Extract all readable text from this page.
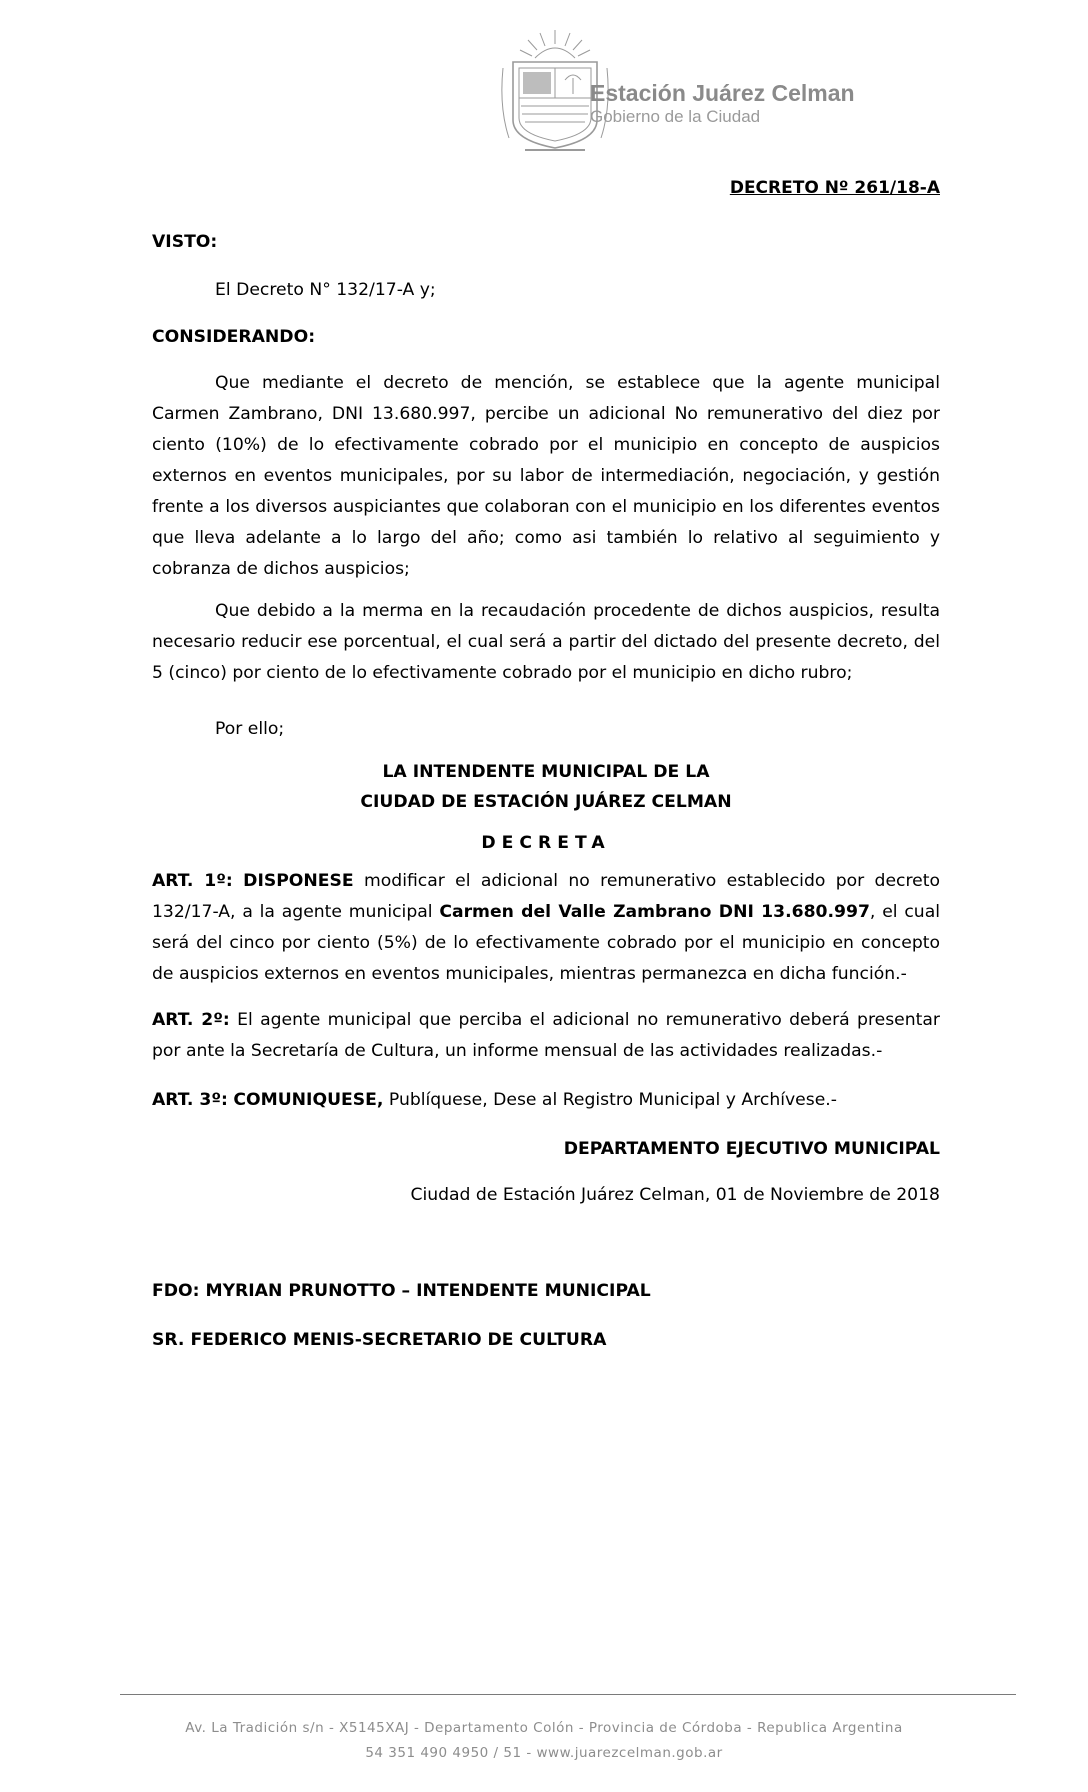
Estación Juárez Celman
Gobierno de la Ciudad
DECRETO Nº 261/18-A
VISTO:
El Decreto N° 132/17-A y;
CONSIDERANDO:
Que mediante el decreto de mención, se establece que la agente municipal Carmen Zambrano, DNI 13.680.997, percibe un adicional No remunerativo del diez por ciento (10%) de lo efectivamente cobrado por el municipio en concepto de auspicios externos en eventos municipales, por su labor de intermediación, negociación, y gestión frente a los diversos auspiciantes que colaboran con el municipio en los diferentes eventos que lleva adelante a lo largo del año; como asi también lo relativo al seguimiento y cobranza de dichos auspicios;
Que debido a la merma en la recaudación procedente de dichos auspicios, resulta necesario reducir ese porcentual, el cual será a partir del dictado del presente decreto, del 5 (cinco) por ciento de lo efectivamente cobrado por el municipio en dicho rubro;
Por ello;
LA INTENDENTE MUNICIPAL DE LA
CIUDAD DE ESTACIÓN JUÁREZ CELMAN
DECRETA
ART. 1º: DISPONESE modificar el adicional no remunerativo establecido por decreto 132/17-A, a la agente municipal Carmen del Valle Zambrano DNI 13.680.997, el cual será del cinco por ciento (5%) de lo efectivamente cobrado por el municipio en concepto de auspicios externos en eventos municipales, mientras permanezca en dicha función.-
ART. 2º: El agente municipal que perciba el adicional no remunerativo deberá presentar por ante la Secretaría de Cultura, un informe mensual de las actividades realizadas.-
ART. 3º: COMUNIQUESE, Publíquese, Dese al Registro Municipal y Archívese.-
DEPARTAMENTO EJECUTIVO MUNICIPAL
Ciudad de Estación Juárez Celman, 01 de Noviembre de 2018
FDO: MYRIAN PRUNOTTO – INTENDENTE MUNICIPAL
SR. FEDERICO MENIS-SECRETARIO DE CULTURA
Av. La Tradición s/n - X5145XAJ - Departamento Colón - Provincia de Córdoba - Republica Argentina
54 351 490 4950 / 51 - www.juarezcelman.gob.ar
